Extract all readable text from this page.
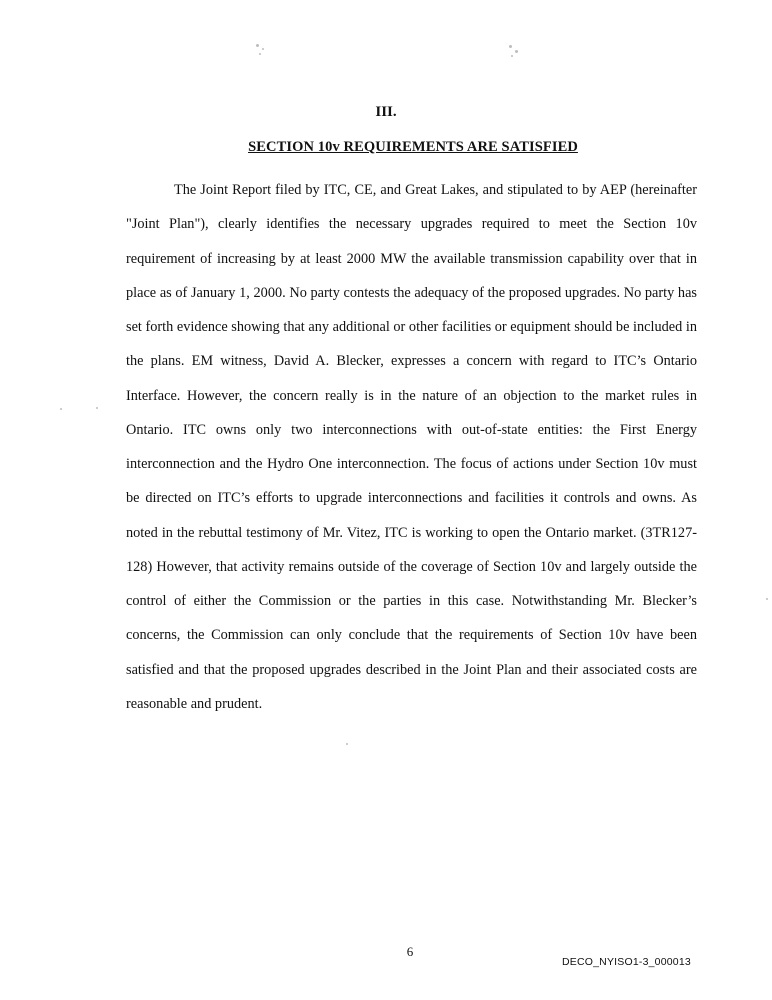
III.
SECTION 10v REQUIREMENTS ARE SATISFIED

The Joint Report filed by ITC, CE, and Great Lakes, and stipulated to by AEP (hereinafter "Joint Plan"), clearly identifies the necessary upgrades required to meet the Section 10v requirement of increasing by at least 2000 MW the available transmission capability over that in place as of January 1, 2000. No party contests the adequacy of the proposed upgrades. No party has set forth evidence showing that any additional or other facilities or equipment should be included in the plans. EM witness, David A. Blecker, expresses a concern with regard to ITC’s Ontario Interface. However, the concern really is in the nature of an objection to the market rules in Ontario. ITC owns only two interconnections with out-of-state entities: the First Energy interconnection and the Hydro One interconnection. The focus of actions under Section 10v must be directed on ITC’s efforts to upgrade interconnections and facilities it controls and owns. As noted in the rebuttal testimony of Mr. Vitez, ITC is working to open the Ontario market. (3TR127-128) However, that activity remains outside of the coverage of Section 10v and largely outside the control of either the Commission or the parties in this case. Notwithstanding Mr. Blecker’s concerns, the Commission can only conclude that the requirements of Section 10v have been satisfied and that the proposed upgrades described in the Joint Plan and their associated costs are reasonable and prudent.

6
DECO_NYISO1-3_000013
